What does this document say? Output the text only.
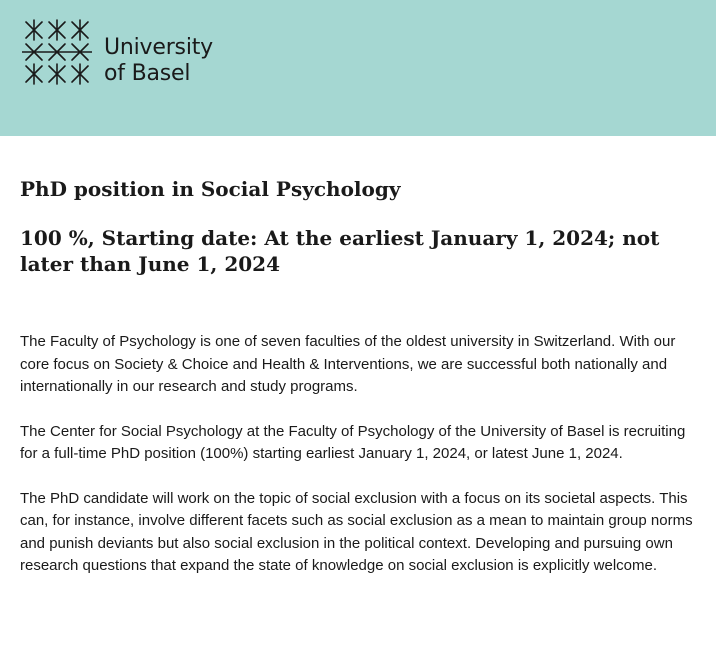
University
of Basel
PhD position in Social Psychology
100 %, Starting date: At the earliest January 1, 2024; not later than June 1, 2024

The Faculty of Psychology is one of seven faculties of the oldest university in Switzerland. With our core focus on Society & Choice and Health & Interventions, we are successful both nationally and internationally in our research and study programs.

The Center for Social Psychology at the Faculty of Psychology of the University of Basel is recruiting for a full-time PhD position (100%) starting earliest January 1, 2024, or latest June 1, 2024.

The PhD candidate will work on the topic of social exclusion with a focus on its societal aspects. This can, for instance, involve different facets such as social exclusion as a mean to maintain group norms and punish deviants but also social exclusion in the political context. Developing and pursuing own research questions that expand the state of knowledge on social exclusion is explicitly welcome.
